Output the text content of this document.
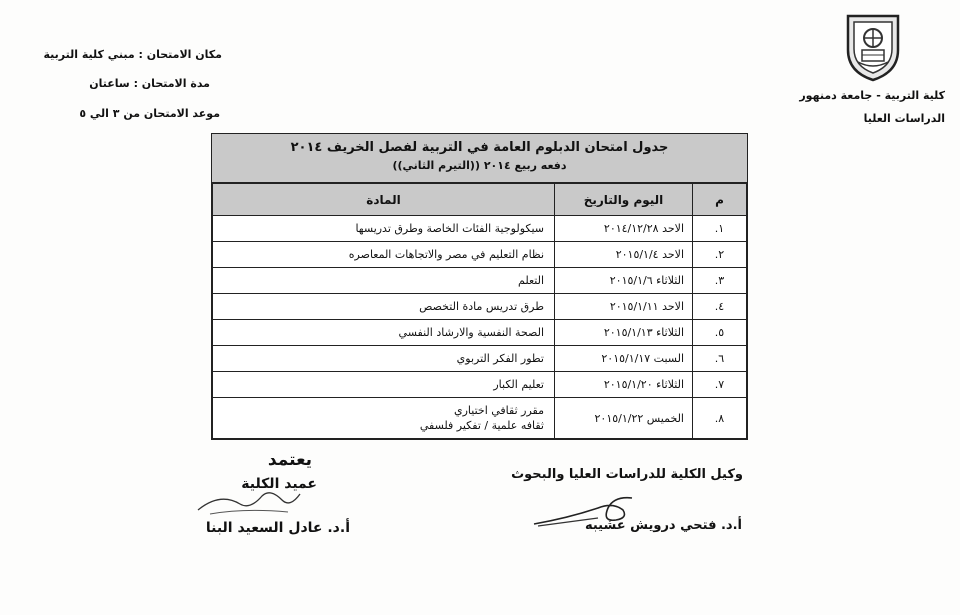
مكان الامتحان : مبني كلية التربية
مدة الامتحان : ساعتان
موعد الامتحان من ٣ الي ٥
كلية التربية - جامعة دمنهور
الدراسات العليا
جدول امتحان الدبلوم العامة في التربية لفصل الخريف ٢٠١٤
دفعه ربيع ٢٠١٤ ((التيرم الثاني))
م	اليوم والتاريخ	المادة
١.	الاحد ٢٠١٤/١٢/٢٨	سيكولوجية الفئات الخاصة وطرق تدريسها
٢.	الاحد ٢٠١٥/١/٤	نظام التعليم في مصر والاتجاهات المعاصره
٣.	الثلاثاء ٢٠١٥/١/٦	التعلم
٤.	الاحد ٢٠١٥/١/١١	طرق تدريس مادة التخصص
٥.	الثلاثاء ٢٠١٥/١/١٣	الصحة النفسية والارشاد النفسي
٦.	السبت ٢٠١٥/١/١٧	تطور الفكر التربوي
٧.	الثلاثاء ٢٠١٥/١/٢٠	تعليم الكبار
٨.	الخميس ٢٠١٥/١/٢٢	مقرر ثقافي اختياري
ثقافه علمية / تفكير فلسفي
يعتمد
عميد الكلية
أ.د. عادل السعيد البنا
وكيل الكلية للدراسات العليا والبحوث
أ.د. فتحي درويش عشيبه
